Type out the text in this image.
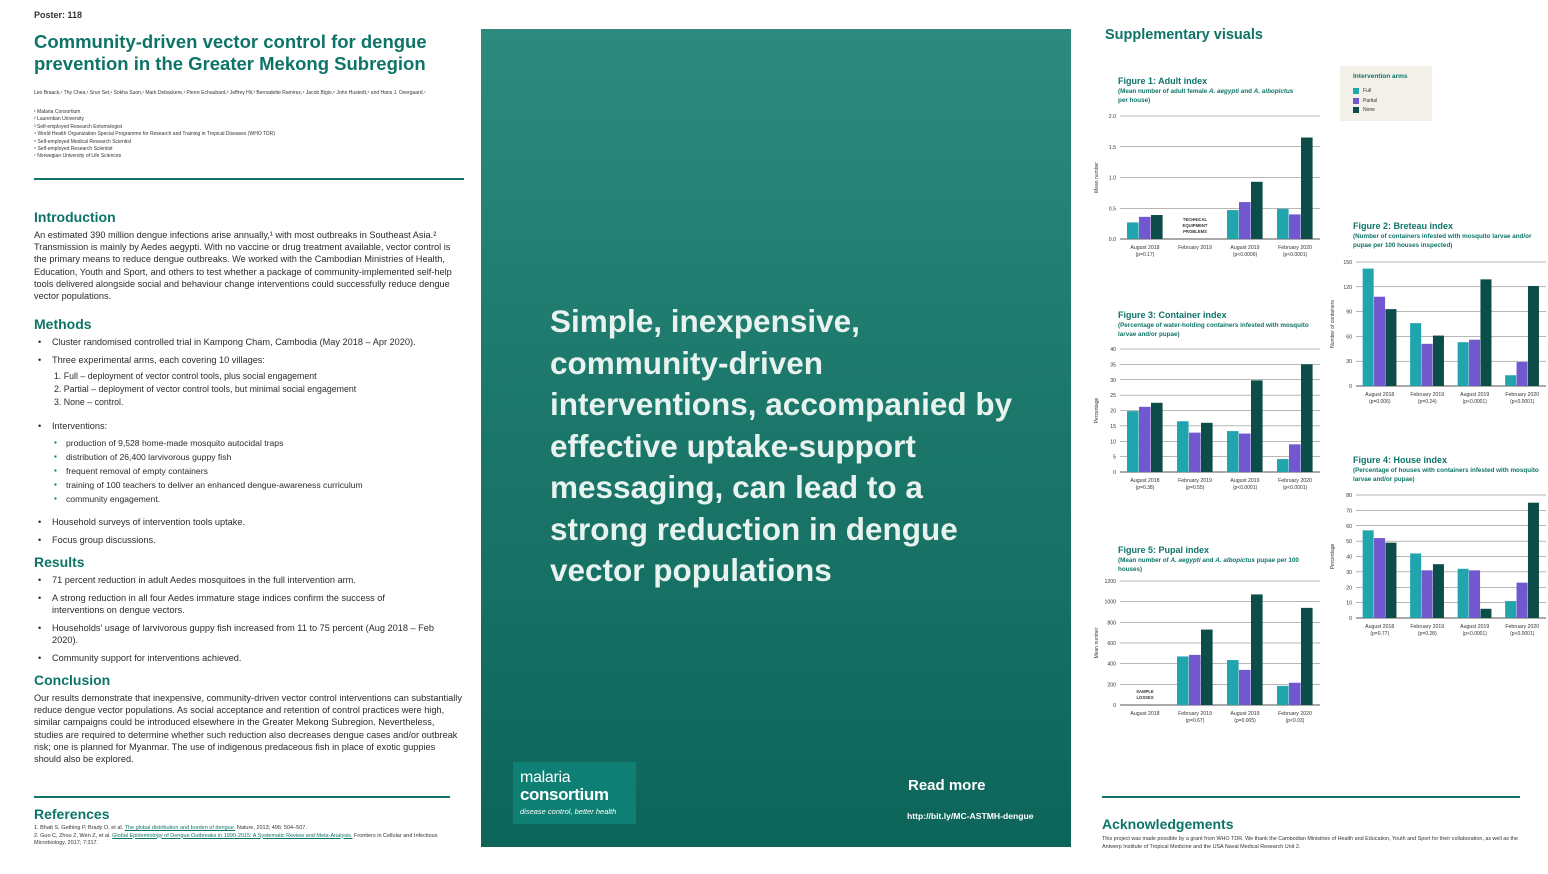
Poster: 118
Community-driven vector control for dengue prevention in the Greater Mekong Subregion
Leo Braack,¹ Thy Chea,¹ Srun Set,¹ Sokha Suon,¹ Mark Debackere,¹ Pierre Echaubard,² Jeffrey Hii,³ Bernadette Ramirez,⁴ Jacob Bigio,⁵ John Hustedt,⁶ and Hans J. Overgaard.⁷
¹ Malaria Consortium
² Laurentian University
³ Self-employed Research Entomologist
⁴ World Health Organization Special Programme for Research and Training in Tropical Diseases (WHO TDR)
⁵ Self-employed Medical Research Scientist
⁶ Self-employed Research Scientist
⁷ Norwegian University of Life Sciences
Introduction

An estimated 390 million dengue infections arise annually,¹ with most outbreaks in Southeast Asia.² Transmission is mainly by Aedes aegypti. With no vaccine or drug treatment available, vector control is the primary means to reduce dengue outbreaks. We worked with the Cambodian Ministries of Health, Education, Youth and Sport, and others to test whether a package of community-implemented self-help tools delivered alongside social and behaviour change interventions could successfully reduce dengue vector populations.

Methods
• Cluster randomised controlled trial in Kampong Cham, Cambodia (May 2018 – Apr 2020).
• Three experimental arms, each covering 10 villages:
1. Full – deployment of vector control tools, plus social engagement
2. Partial – deployment of vector control tools, but minimal social engagement
3. None – control.
• Interventions:
▪ production of 9,528 home-made mosquito autocidal traps
▪ distribution of 26,400 larvivorous guppy fish
▪ frequent removal of empty containers
▪ training of 100 teachers to deliver an enhanced dengue-awareness curriculum
▪ community engagement.
• Household surveys of intervention tools uptake.
• Focus group discussions.
Results
• 71 percent reduction in adult Aedes mosquitoes in the full intervention arm.
• A strong reduction in all four Aedes immature stage indices confirm the success of interventions on dengue vectors.
• Households’ usage of larvivorous guppy fish increased from 11 to 75 percent (Aug 2018 – Feb 2020).
• Community support for interventions achieved.
Conclusion

Our results demonstrate that inexpensive, community-driven vector control interventions can substantially reduce dengue vector populations. As social acceptance and retention of control practices were high, similar campaigns could be introduced elsewhere in the Greater Mekong Subregion. Nevertheless, studies are required to determine whether such reduction also decreases dengue cases and/or outbreak risk; one is planned for Myanmar. The use of indigenous predaceous fish in place of exotic guppies should also be explored.

References
1. Bhatt S, Gething P, Brady O, et al. The global distribution and burden of dengue. Nature, 2013; 496: 504–507.
2. Guo C, Zhou Z, Wen Z, et al. Global Epidemiology of Dengue Outbreaks in 1990-2015: A Systematic Review and Meta-Analysis. Frontiers in Cellular and Infectious Microbiology, 2017; 7:317.
Simple, inexpensive, community-driven interventions, accompanied by effective uptake-support messaging, can lead to a strong reduction in dengue vector populations
malaria
consortium
disease control, better health
Read more
http://bit.ly/MC-ASTMH-dengue
Supplementary visuals
Intervention arms
Full
Partial
None
Figure 1: Adult index
(Mean number of adult female A. aegypti and A. albopictus per house)
0.0
0.5
1.0
1.5
2.0
Mean number
August 2018
(p=0.17)
February 2019	August 2019
(p<0.0006)
February 2020
(p<0.0001)
TECHNICAL
EQUIPMENT
PROBLEMS
Figure 3: Container index
(Percentage of water-holding containers infested with mosquito larvae and/or pupae)
0
5
10
15
20
25
30
35
40
Percentage
August 2018
(p=0.38)
February 2019
(p=0.55)
August 2019
(p<0.0001)
February 2020
(p<0.0001)
Figure 5: Pupal index
(Mean number of A. aegypti and A. albopictus pupae per 100 houses)
0
200
400
600
800
1000
1200
Mean number
August 2018	February 2019
(p=0.67)
August 2019
(p=0.005)
February 2020
(p<0.03)
SAMPLE
LOSSES
Figure 2: Breteau index
(Number of containers infested with mosquito larvae and/or pupae per 100 houses inspected)
0
30
60
90
120
150
Number of containers
August 2018
(p=0.006)
February 2019
(p=0.24)
August 2019
(p<0.0001)
February 2020
(p<0.0001)
Figure 4: House index
(Percentage of houses with containers infested with mosquito larvae and/or pupae)
0
10
20
30
40
50
60
70
80
Percentage
August 2018
(p=0.77)
February 2019
(p=0.28)
August 2019
(p<0.0001)
February 2020
(p<0.0001)
Acknowledgements
This project was made possible by a grant from WHO TDR. We thank the Cambodian Ministries of Health and Education, Youth and Sport for their collaboration, as well as the Antwerp Institute of Tropical Medicine and the USA Naval Medical Research Unit 2.
